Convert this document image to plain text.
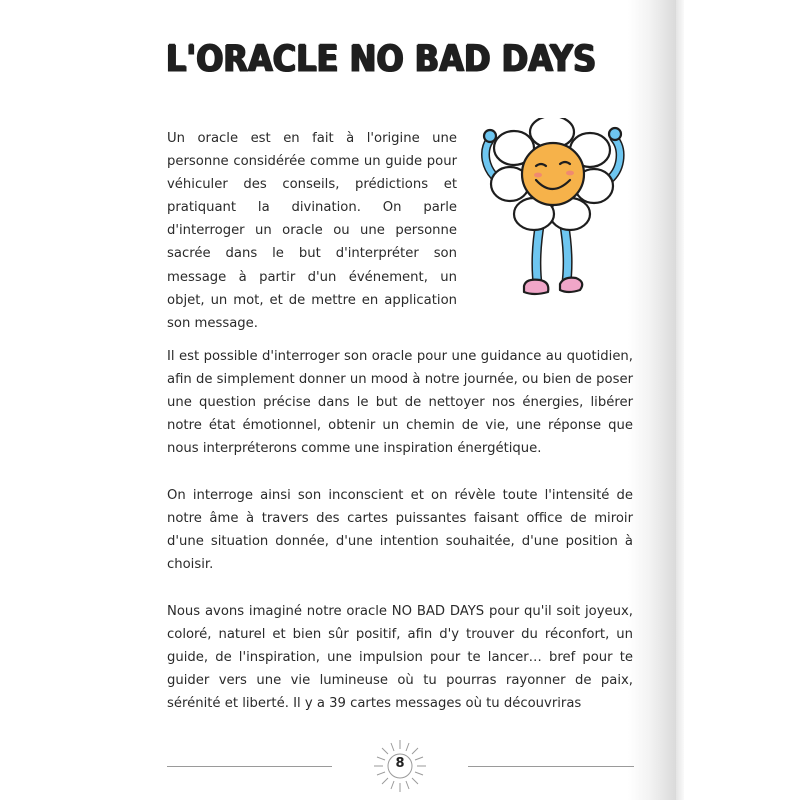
L'ORACLE NO BAD DAYS

Un oracle est en fait à l'origine une personne considérée comme un guide pour véhiculer des conseils, prédictions et pratiquant la divination. On parle d'interroger un oracle ou une personne sacrée dans le but d'interpréter son message à partir d'un événement, un objet, un mot, et de mettre en application son message.

Il est possible d'interroger son oracle pour une guidance au quotidien, afin de simplement donner un mood à notre journée, ou bien de poser une question précise dans le but de nettoyer nos énergies, libérer notre état émotionnel, obtenir un chemin de vie, une réponse que nous interpréterons comme une inspiration énergétique.

On interroge ainsi son inconscient et on révèle toute l'intensité de notre âme à travers des cartes puissantes faisant office de miroir d'une situation donnée, d'une intention souhaitée, d'une position à choisir.

Nous avons imaginé notre oracle NO BAD DAYS pour qu'il soit joyeux, coloré, naturel et bien sûr positif, afin d'y trouver du réconfort, un guide, de l'inspiration, une impulsion pour te lancer… bref pour te guider vers une vie lumineuse où tu pourras rayonner de paix, sérénité et liberté. Il y a 39 cartes messages où tu découvriras

8
